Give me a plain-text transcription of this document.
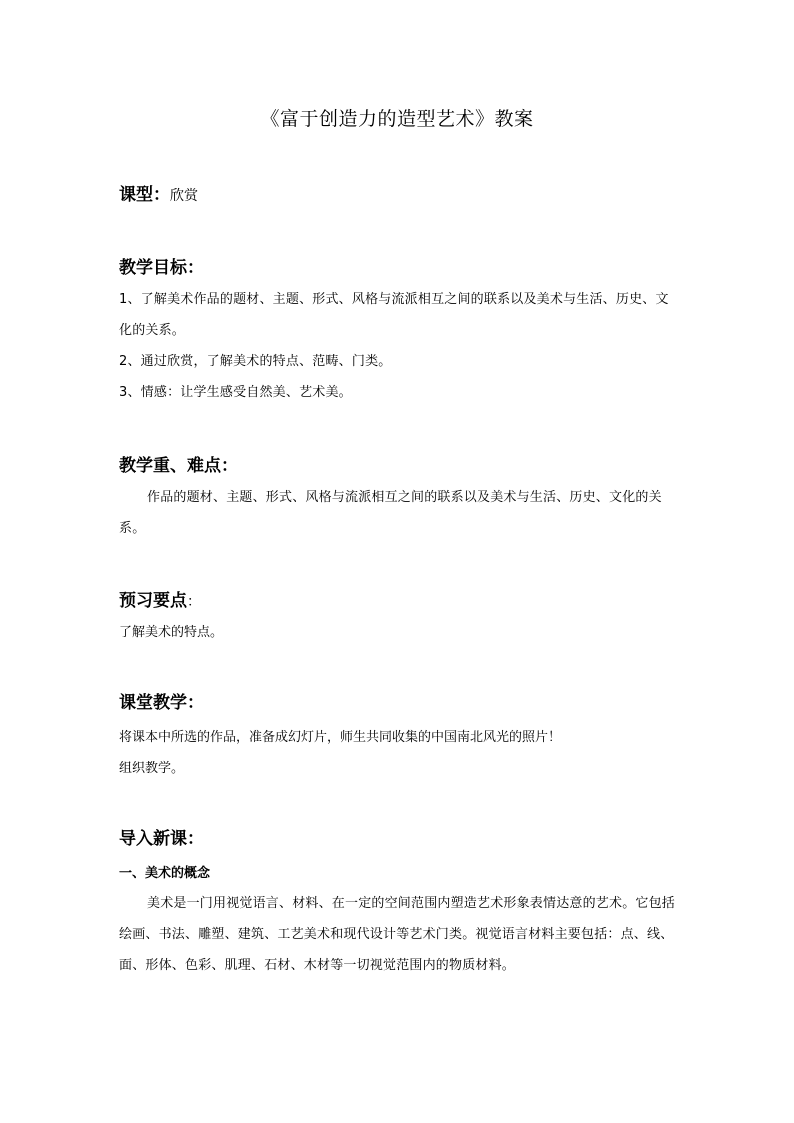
《富于创造力的造型艺术》教案
课型：欣赏
教学目标：
1、了解美术作品的题材、主题、形式、风格与流派相互之间的联系以及美术与生活、历史、文化的关系。
2、通过欣赏，了解美术的特点、范畴、门类。
3、情感：让学生感受自然美、艺术美。
教学重、难点：
作品的题材、主题、形式、风格与流派相互之间的联系以及美术与生活、历史、文化的关系。
预习要点：
了解美术的特点。
课堂教学：
将课本中所选的作品，准备成幻灯片，师生共同收集的中国南北风光的照片！
组织教学。
导入新课：
一、美术的概念
美术是一门用视觉语言、材料、在一定的空间范围内塑造艺术形象表情达意的艺术。它包括绘画、书法、雕塑、建筑、工艺美术和现代设计等艺术门类。视觉语言材料主要包括：点、线、面、形体、色彩、肌理、石材、木材等一切视觉范围内的物质材料。
